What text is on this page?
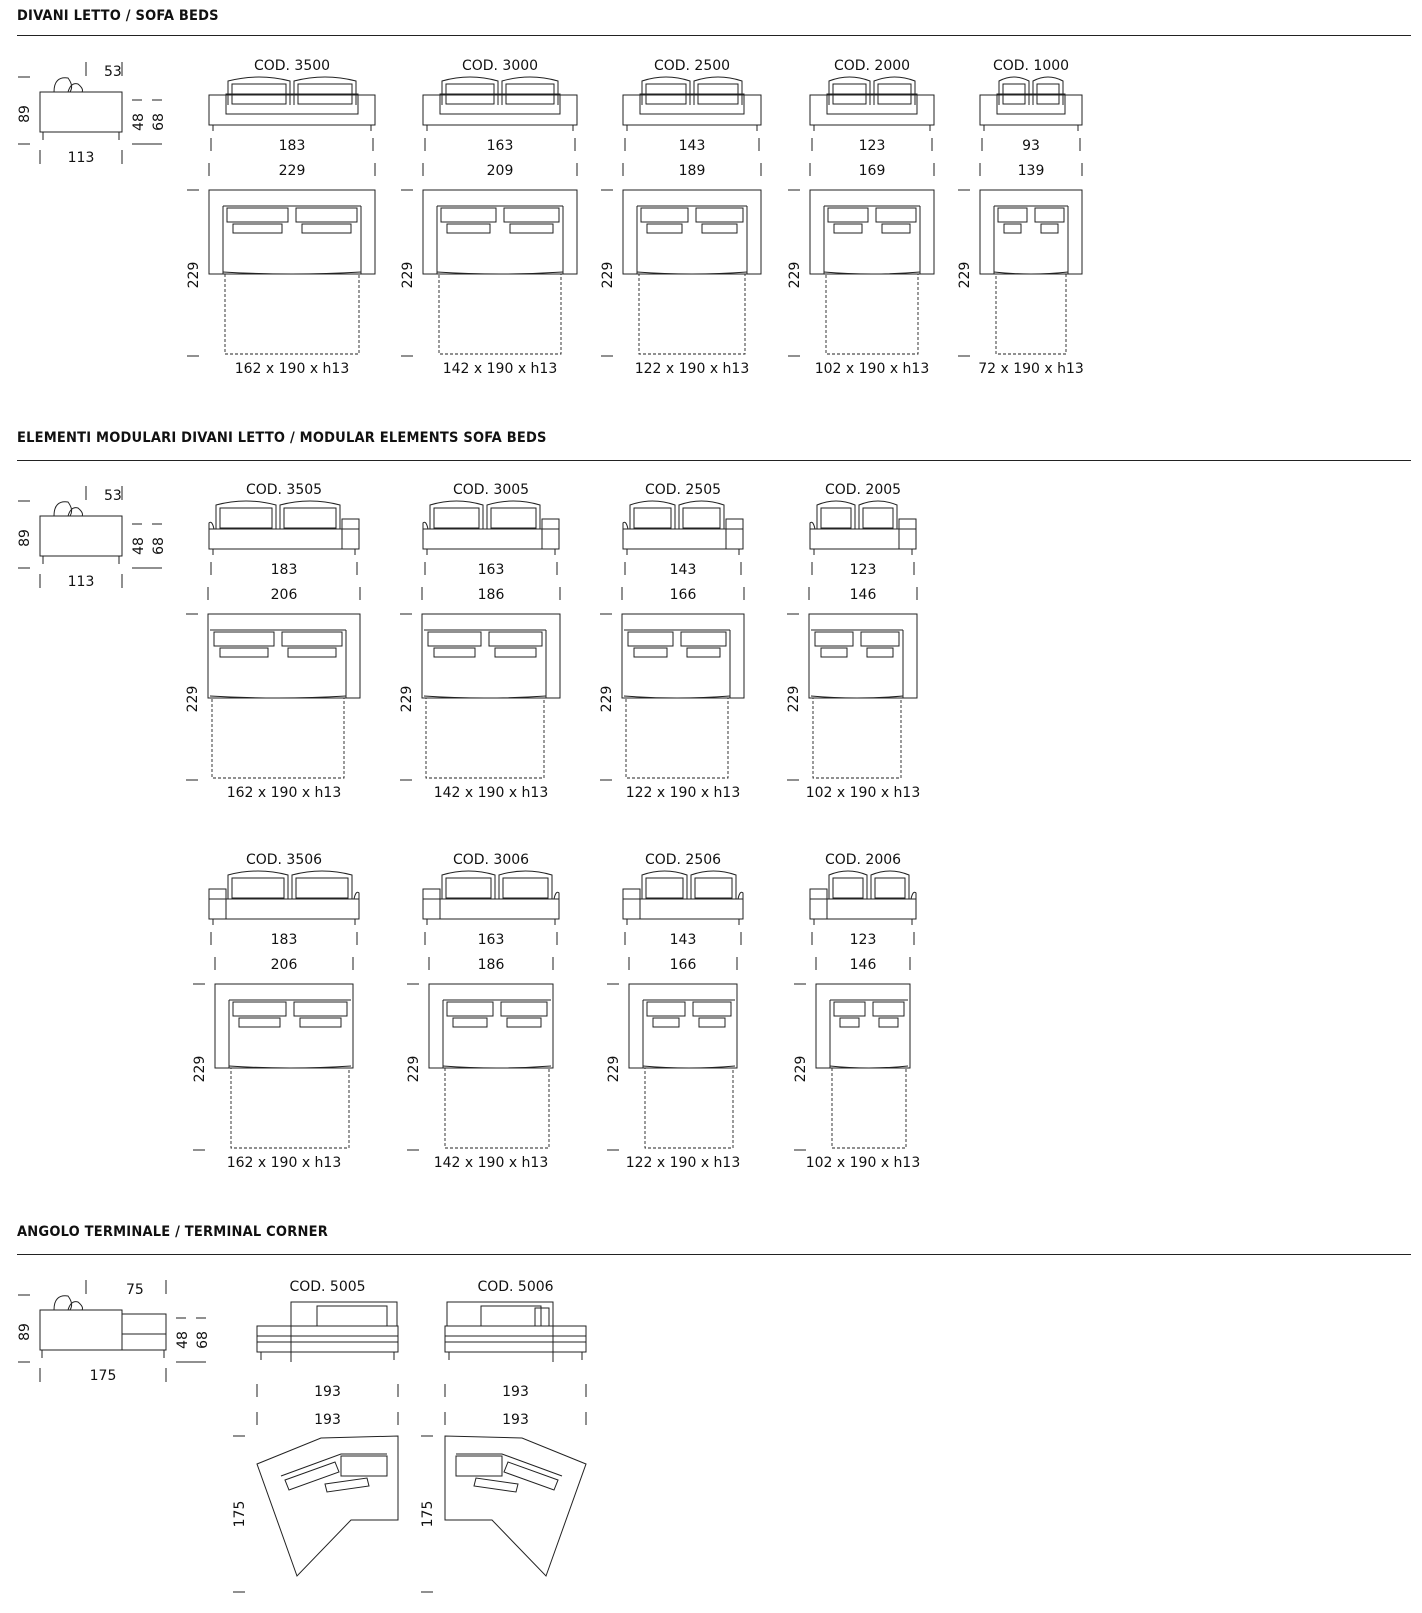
DIVANI LETTO / SOFA BEDS
ELEMENTI MODULARI DIVANI LETTO / MODULAR ELEMENTS SOFA BEDS
ANGOLO TERMINALE / TERMINAL CORNER
53
89	48 68
113
COD. 3500
183
229
229
162 x 190 x h13
COD. 3000
163
209
229
142 x 190 x h13
COD. 2500
143
189
229
122 x 190 x h13
COD. 2000
123
169
229
102 x 190 x h13
COD. 1000
93
139
229
72 x 190 x h13
53
89	48 68
113
COD. 3505
183
206
229
162 x 190 x h13
COD. 3005
163
186
229
142 x 190 x h13
COD. 2505
143
166
229
122 x 190 x h13
COD. 2005
123
146
229
102 x 190 x h13
COD. 3506
183
206
229
162 x 190 x h13
COD. 3006
163
186
229
142 x 190 x h13
COD. 2506
143
166
229
122 x 190 x h13
COD. 2006
123
146
229
102 x 190 x h13
75
89	48 68
175
COD. 5005
193
193
175
COD. 5006
193
193
175
